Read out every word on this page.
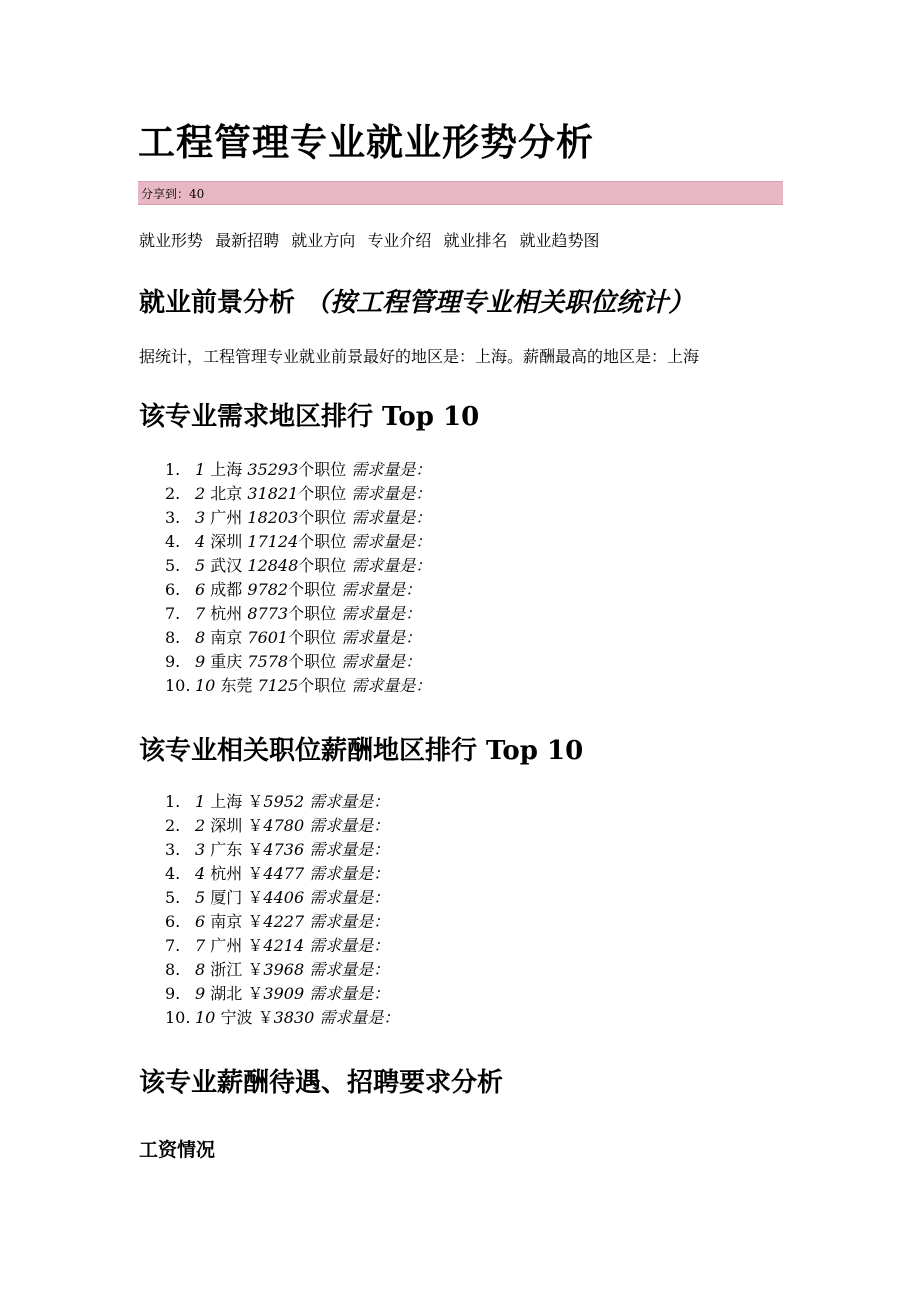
工程管理专业就业形势分析
分享到：40
就业形势 最新招聘 就业方向 专业介绍 就业排名 就业趋势图
就业前景分析 （按工程管理专业相关职位统计）
据统计，工程管理专业就业前景最好的地区是：上海。薪酬最高的地区是：上海
该专业需求地区排行 Top 10
1. 1 上海 35293个职位 需求量是：
2. 2 北京 31821个职位 需求量是：
3. 3 广州 18203个职位 需求量是：
4. 4 深圳 17124个职位 需求量是：
5. 5 武汉 12848个职位 需求量是：
6. 6 成都 9782个职位 需求量是：
7. 7 杭州 8773个职位 需求量是：
8. 8 南京 7601个职位 需求量是：
9. 9 重庆 7578个职位 需求量是：
10. 10 东莞 7125个职位 需求量是：
该专业相关职位薪酬地区排行 Top 10
1. 1 上海 ￥5952 需求量是：
2. 2 深圳 ￥4780 需求量是：
3. 3 广东 ￥4736 需求量是：
4. 4 杭州 ￥4477 需求量是：
5. 5 厦门 ￥4406 需求量是：
6. 6 南京 ￥4227 需求量是：
7. 7 广州 ￥4214 需求量是：
8. 8 浙江 ￥3968 需求量是：
9. 9 湖北 ￥3909 需求量是：
10. 10 宁波 ￥3830 需求量是：
该专业薪酬待遇、招聘要求分析
工资情况
